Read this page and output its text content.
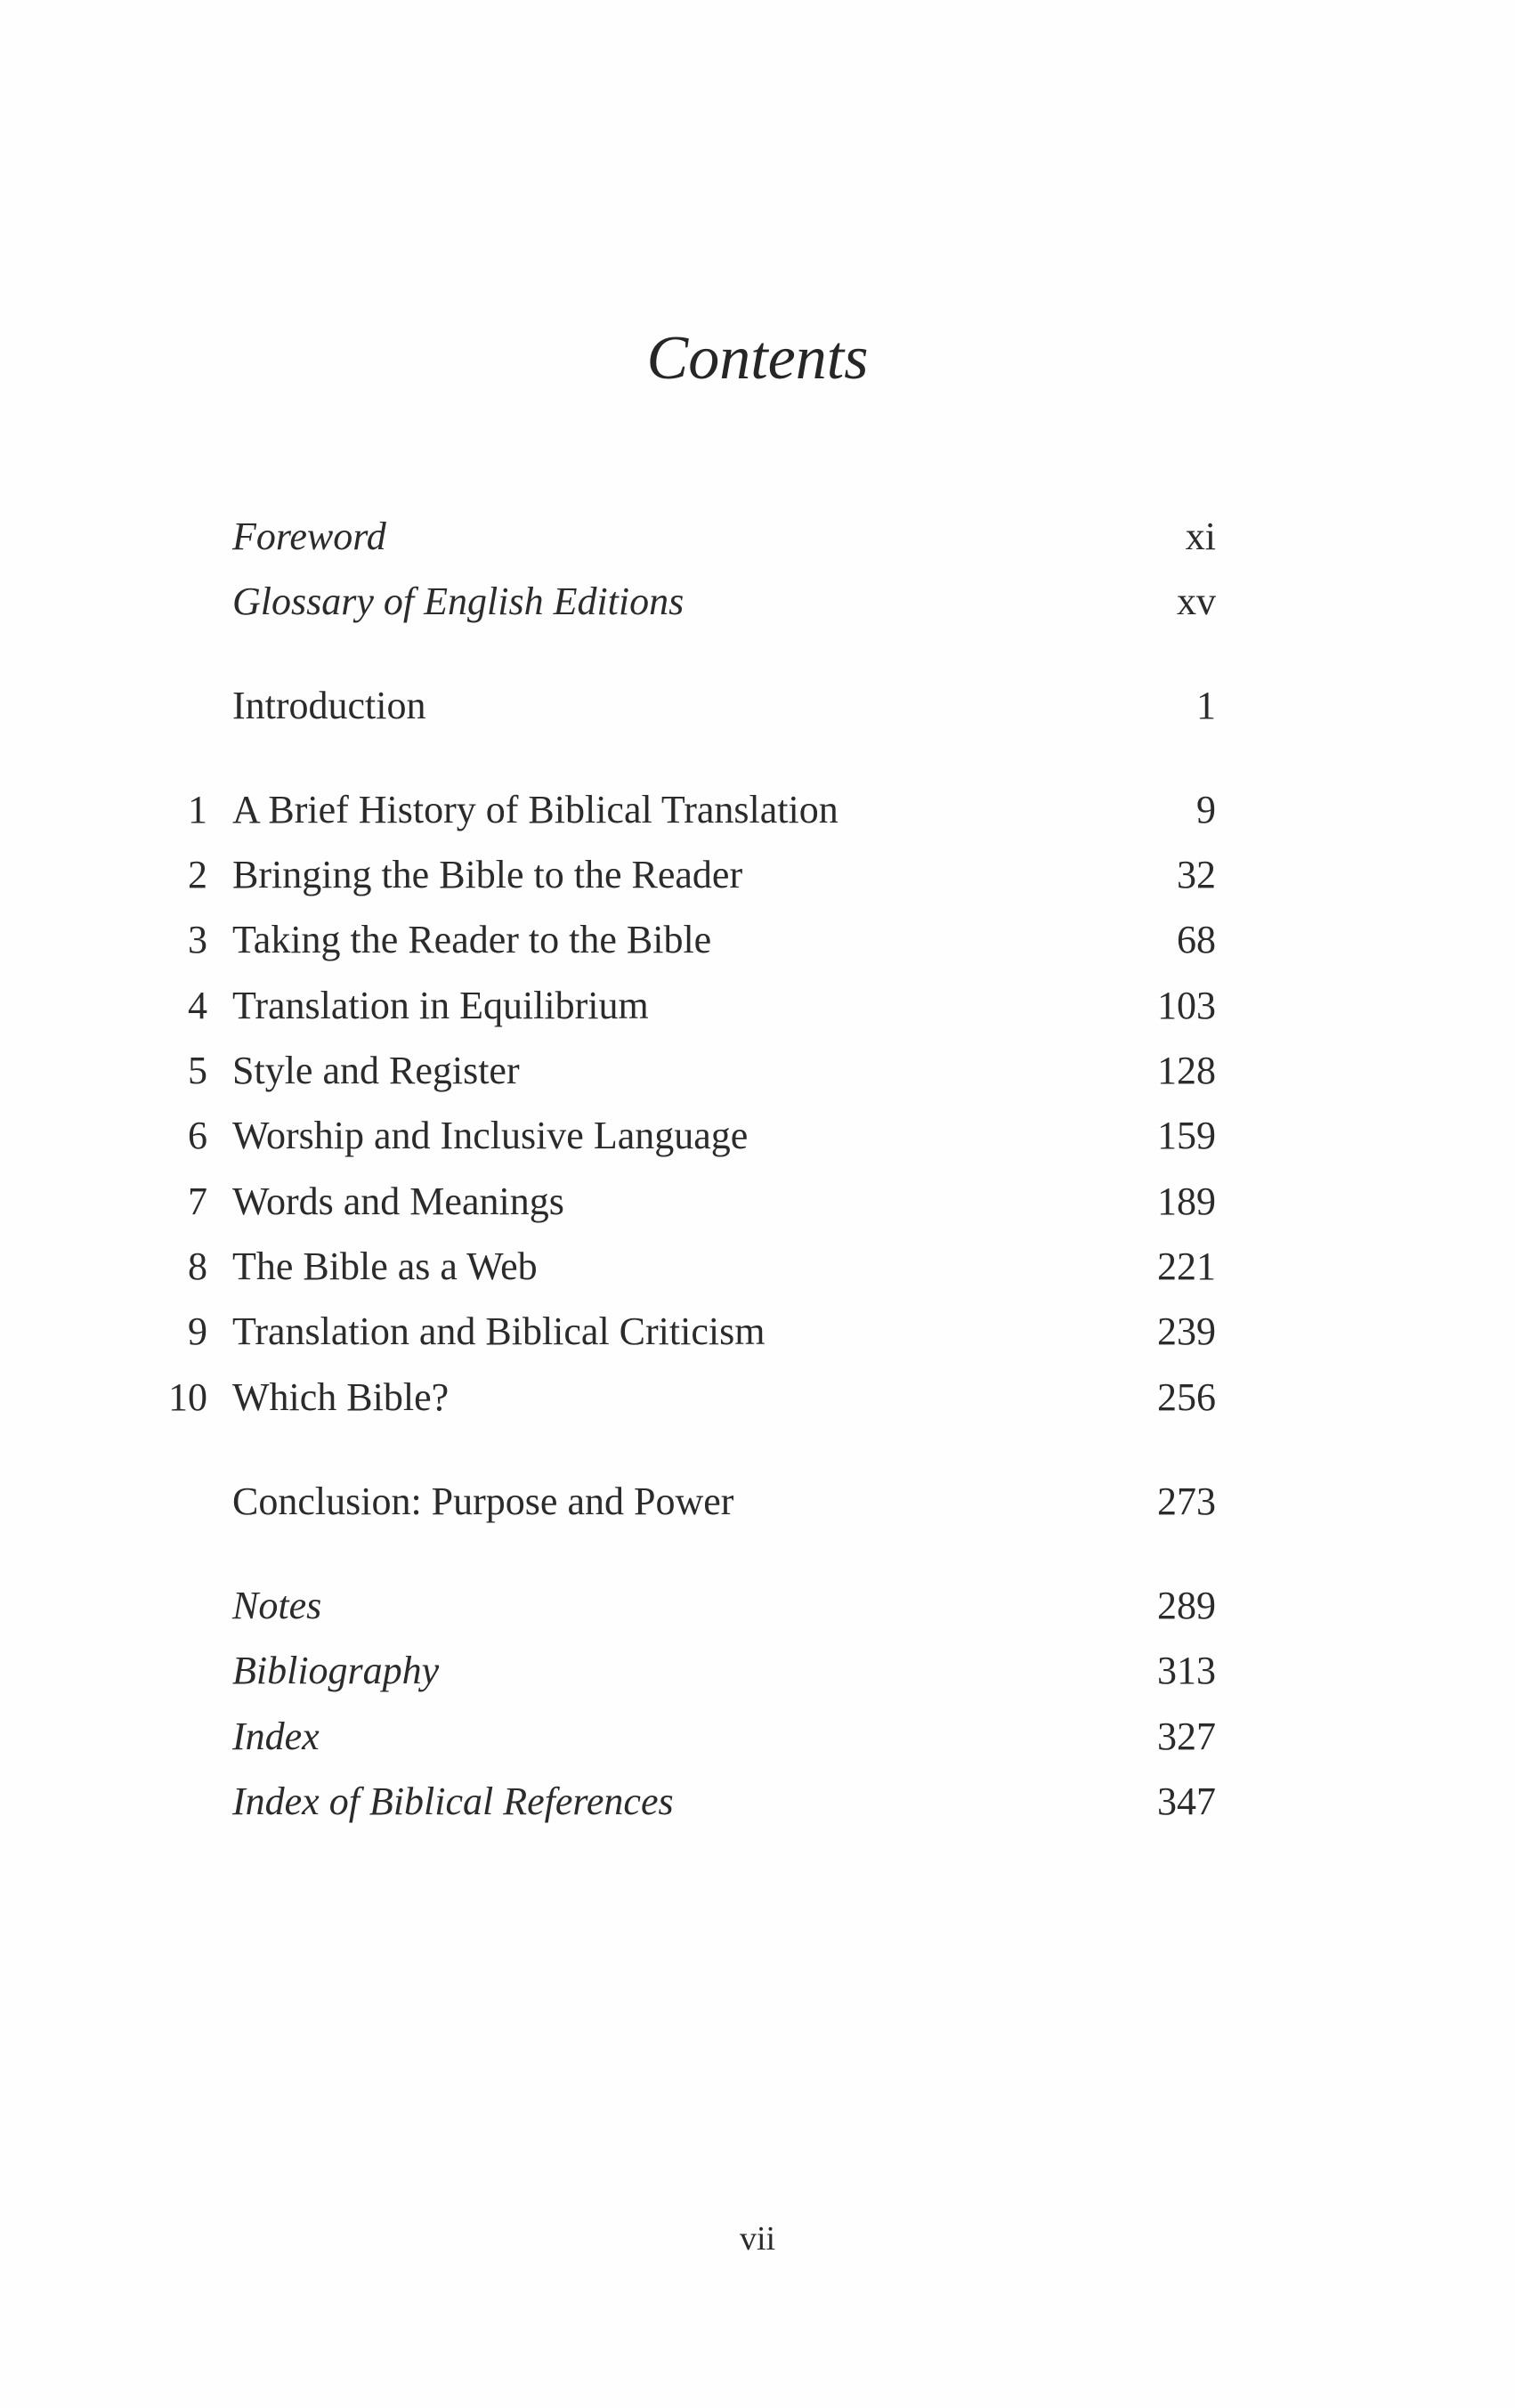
Contents
Foreword	xi
Glossary of English Editions	xv
Introduction	1
1 A Brief History of Biblical Translation	9
2 Bringing the Bible to the Reader	32
3 Taking the Reader to the Bible	68
4 Translation in Equilibrium	103
5 Style and Register	128
6 Worship and Inclusive Language	159
7 Words and Meanings	189
8 The Bible as a Web	221
9 Translation and Biblical Criticism	239
10 Which Bible?	256
Conclusion: Purpose and Power	273
Notes	289
Bibliography	313
Index	327
Index of Biblical References	347
vii
